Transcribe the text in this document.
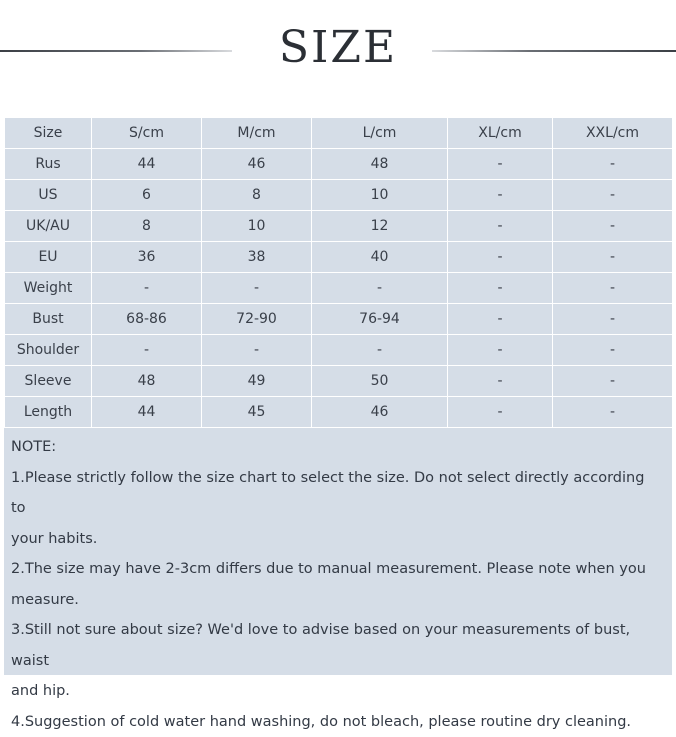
SIZE
Size	S/cm	M/cm	L/cm	XL/cm	XXL/cm
Rus	44	46	48	-	-
US	6	8	10	-	-
UK/AU	8	10	12	-	-
EU	36	38	40	-	-
Weight	-	-	-	-	-
Bust	68-86	72-90	76-94	-	-
Shoulder	-	-	-	-	-
Sleeve	48	49	50	-	-
Length	44	45	46	-	-
NOTE:
1.Please strictly follow the size chart to select the size. Do not select directly according to
your habits.
2.The size may have 2-3cm differs due to manual measurement. Please note when you
measure.
3.Still not sure about size? We'd love to advise based on your measurements of bust, waist
and hip.
4.Suggestion of cold water hand washing, do not bleach, please routine dry cleaning.
